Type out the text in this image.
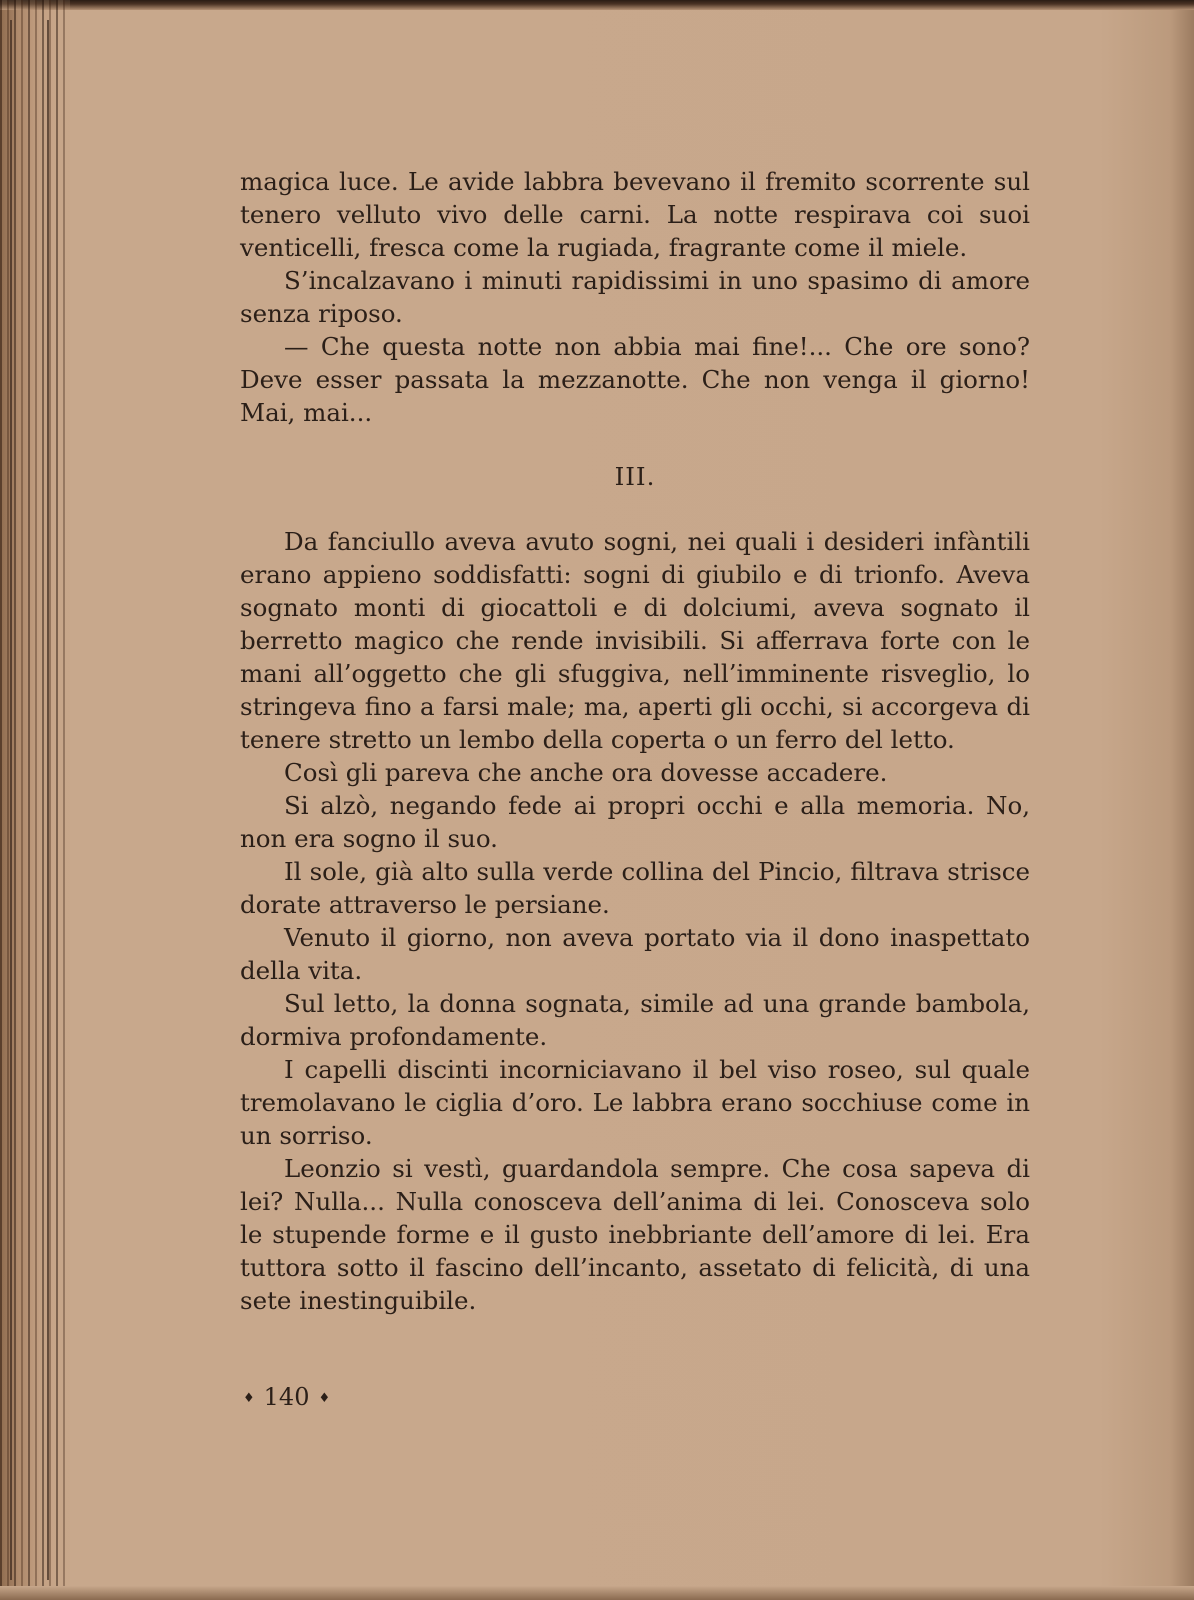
magica luce. Le avide labbra bevevano il fremito scorrente sul tenero velluto vivo delle carni. La notte respirava coi suoi venticelli, fresca come la rugiada, fragrante come il miele.

S’incalzavano i minuti rapidissimi in uno spasimo di amore senza riposo.

— Che questa notte non abbia mai fine!... Che ore sono? Deve esser passata la mezzanotte. Che non venga il giorno! Mai, mai...

III.

Da fanciullo aveva avuto sogni, nei quali i desideri infàntili erano appieno soddisfatti: sogni di giubilo e di trionfo. Aveva sognato monti di giocattoli e di dolciumi, aveva sognato il berretto magico che rende invisibili. Si afferrava forte con le mani all’oggetto che gli sfuggiva, nell’imminente risveglio, lo stringeva fino a farsi male; ma, aperti gli occhi, si accorgeva di tenere stretto un lembo della coperta o un ferro del letto.

Così gli pareva che anche ora dovesse accadere.

Si alzò, negando fede ai propri occhi e alla memoria. No, non era sogno il suo.

Il sole, già alto sulla verde collina del Pincio, filtrava strisce dorate attraverso le persiane.

Venuto il giorno, non aveva portato via il dono inaspettato della vita.

Sul letto, la donna sognata, simile ad una grande bambola, dormiva profondamente.

I capelli discinti incorniciavano il bel viso roseo, sul quale tremolavano le ciglia d’oro. Le labbra erano socchiuse come in un sorriso.

Leonzio si vestì, guardandola sempre. Che cosa sapeva di lei? Nulla... Nulla conosceva dell’anima di lei. Conosceva solo le stupende forme e il gusto inebbriante dell’amore di lei. Era tuttora sotto il fascino dell’incanto, assetato di felicità, di una sete inestinguibile.

♦ 140 ♦
